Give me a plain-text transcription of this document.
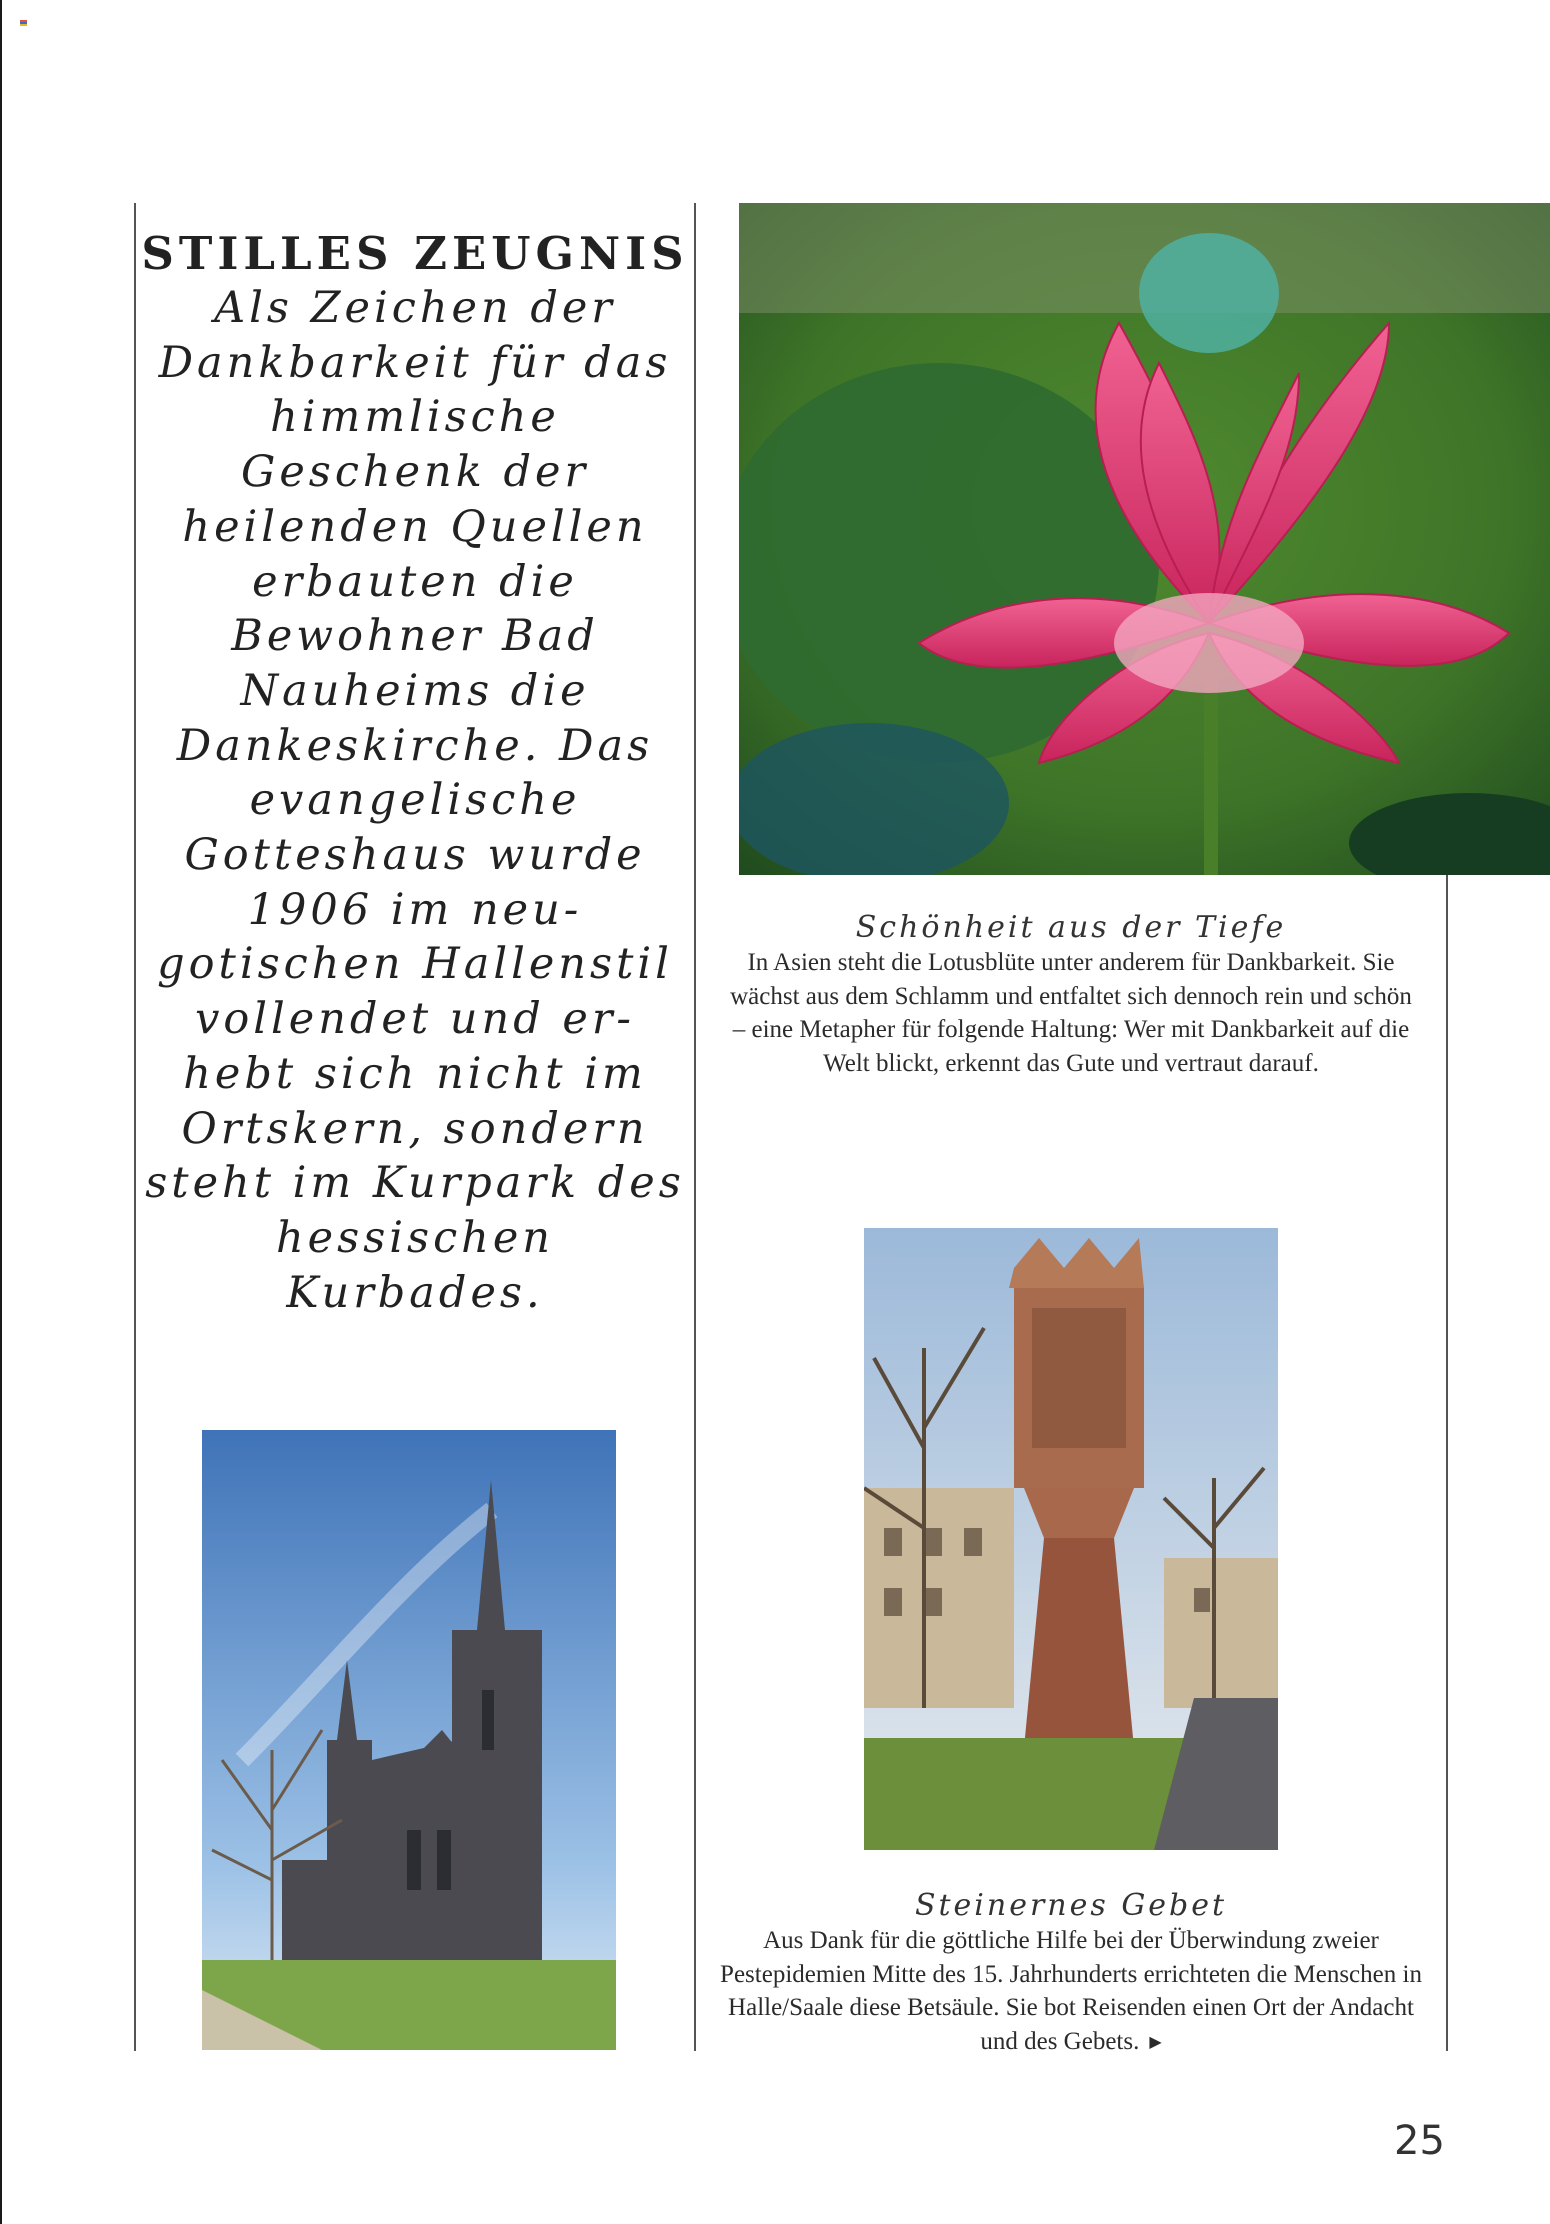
STILLES ZEUGNIS
Als Zeichen der Dankbarkeit für das himmlische Geschenk der heilenden Quellen erbauten die Bewohner Bad Nauheims die Dankeskirche. Das evangelische Gotteshaus wurde 1906 im neu-gotischen Hallenstil vollendet und er-hebt sich nicht im Ortskern, sondern steht im Kurpark des hessischen Kurbades.
Schönheit aus der Tiefe
In Asien steht die Lotusblüte unter anderem für Dankbarkeit. Sie wächst aus dem Schlamm und entfaltet sich dennoch rein und schön – eine Metapher für folgende Haltung: Wer mit Dankbarkeit auf die Welt blickt, erkennt das Gute und vertraut darauf.
Steinernes Gebet
Aus Dank für die göttliche Hilfe bei der Überwindung zweier Pestepidemien Mitte des 15. Jahrhunderts errichteten die Menschen in Halle/Saale diese Betsäule. Sie bot Reisenden einen Ort der Andacht und des Gebets. ▶
25
